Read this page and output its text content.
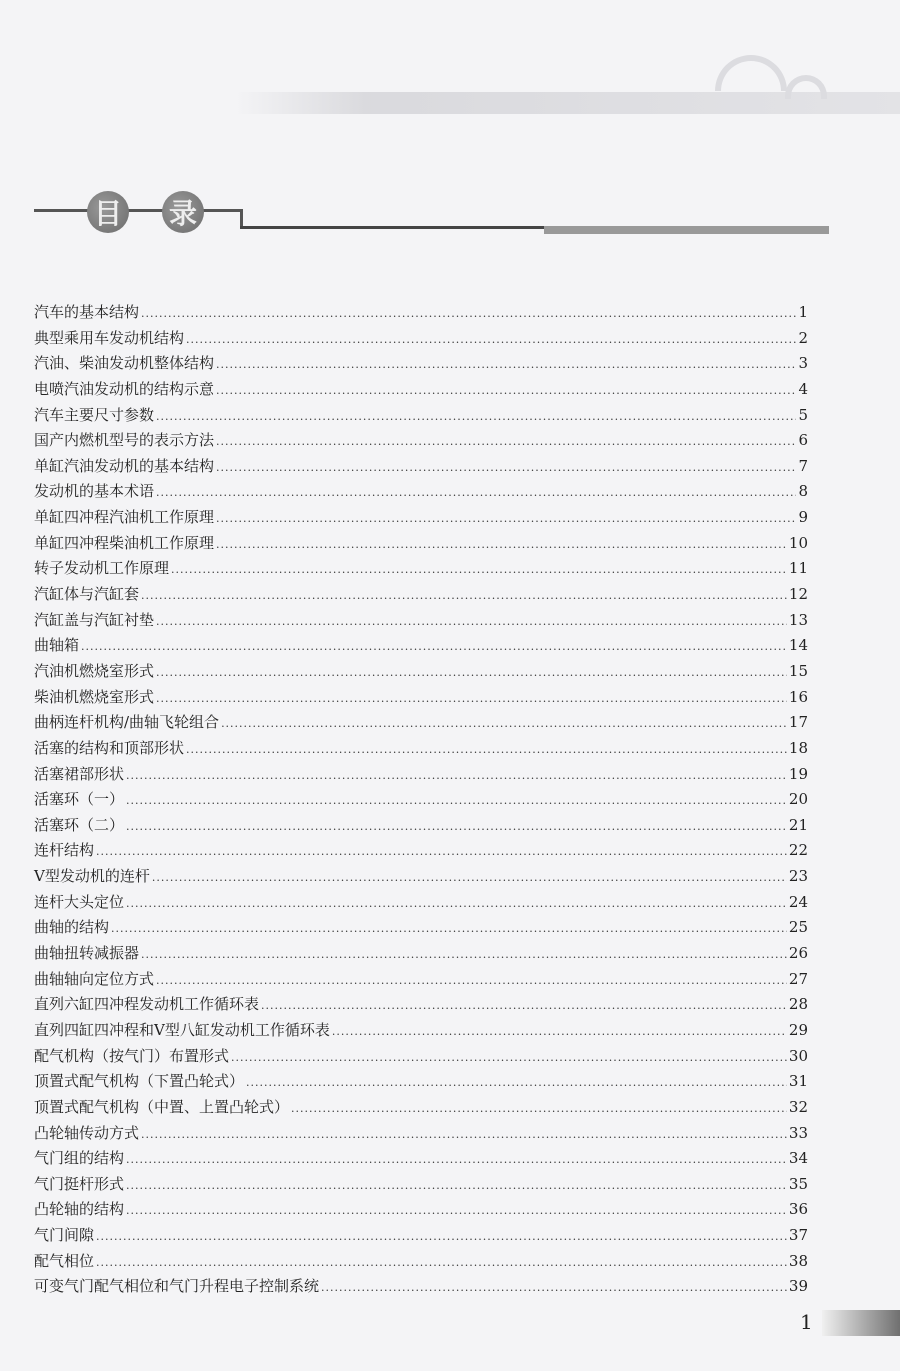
目 录
汽车的基本结构 .....	1
典型乘用车发动机结构 .....	2
汽油、柴油发动机整体结构 .....	3
电喷汽油发动机的结构示意 .....	4
汽车主要尺寸参数 .....	5
国产内燃机型号的表示方法 .....	6
单缸汽油发动机的基本结构 .....	7
发动机的基本术语 .....	8
单缸四冲程汽油机工作原理 .....	9
单缸四冲程柴油机工作原理 .....	10
转子发动机工作原理 .....	11
汽缸体与汽缸套 .....	12
汽缸盖与汽缸衬垫 .....	13
曲轴箱 .....	14
汽油机燃烧室形式 .....	15
柴油机燃烧室形式 .....	16
曲柄连杆机构/曲轴飞轮组合 .....	17
活塞的结构和顶部形状 .....	18
活塞裙部形状 .....	19
活塞环（一） .....	20
活塞环（二） .....	21
连杆结构 .....	22
V型发动机的连杆 .....	23
连杆大头定位 .....	24
曲轴的结构 .....	25
曲轴扭转减振器 .....	26
曲轴轴向定位方式 .....	27
直列六缸四冲程发动机工作循环表 .....	28
直列四缸四冲程和V型八缸发动机工作循环表 .....	29
配气机构（按气门）布置形式 .....	30
顶置式配气机构（下置凸轮式） .....	31
顶置式配气机构（中置、上置凸轮式） .....	32
凸轮轴传动方式 .....	33
气门组的结构 .....	34
气门挺杆形式 .....	35
凸轮轴的结构 .....	36
气门间隙 .....	37
配气相位 .....	38
可变气门配气相位和气门升程电子控制系统 .....	39
1
